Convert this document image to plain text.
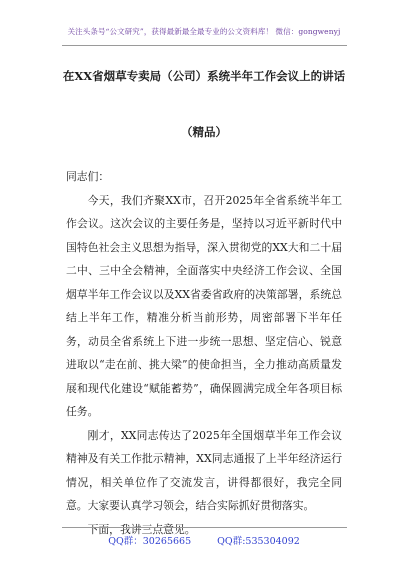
关注头条号“公文研究”，获得最新最全最专业的公文资料库！ 微信：gongwenyj
在XX省烟草专卖局（公司）系统半年工作会议上的讲话
（精品）

同志们：

今天，我们齐聚XX市，召开2025年全省系统半年工作会议。这次会议的主要任务是，坚持以习近平新时代中国特色社会主义思想为指导，深入贯彻党的XX大和二十届二中、三中全会精神，全面落实中央经济工作会议、全国烟草半年工作会议以及XX省委省政府的决策部署，系统总结上半年工作，精准分析当前形势，周密部署下半年任务，动员全省系统上下进一步统一思想、坚定信心、锐意进取以“走在前、挑大梁”的使命担当，全力推动高质量发展和现代化建设“赋能蓄势”，确保圆满完成全年各项目标任务。

刚才，XX同志传达了2025年全国烟草半年工作会议精神及有关工作批示精神，XX同志通报了上半年经济运行情况，相关单位作了交流发言，讲得都很好，我完全同意。大家要认真学习领会，结合实际抓好贯彻落实。

下面，我讲三点意见。

QQ群：30265665	QQ群:535304092
